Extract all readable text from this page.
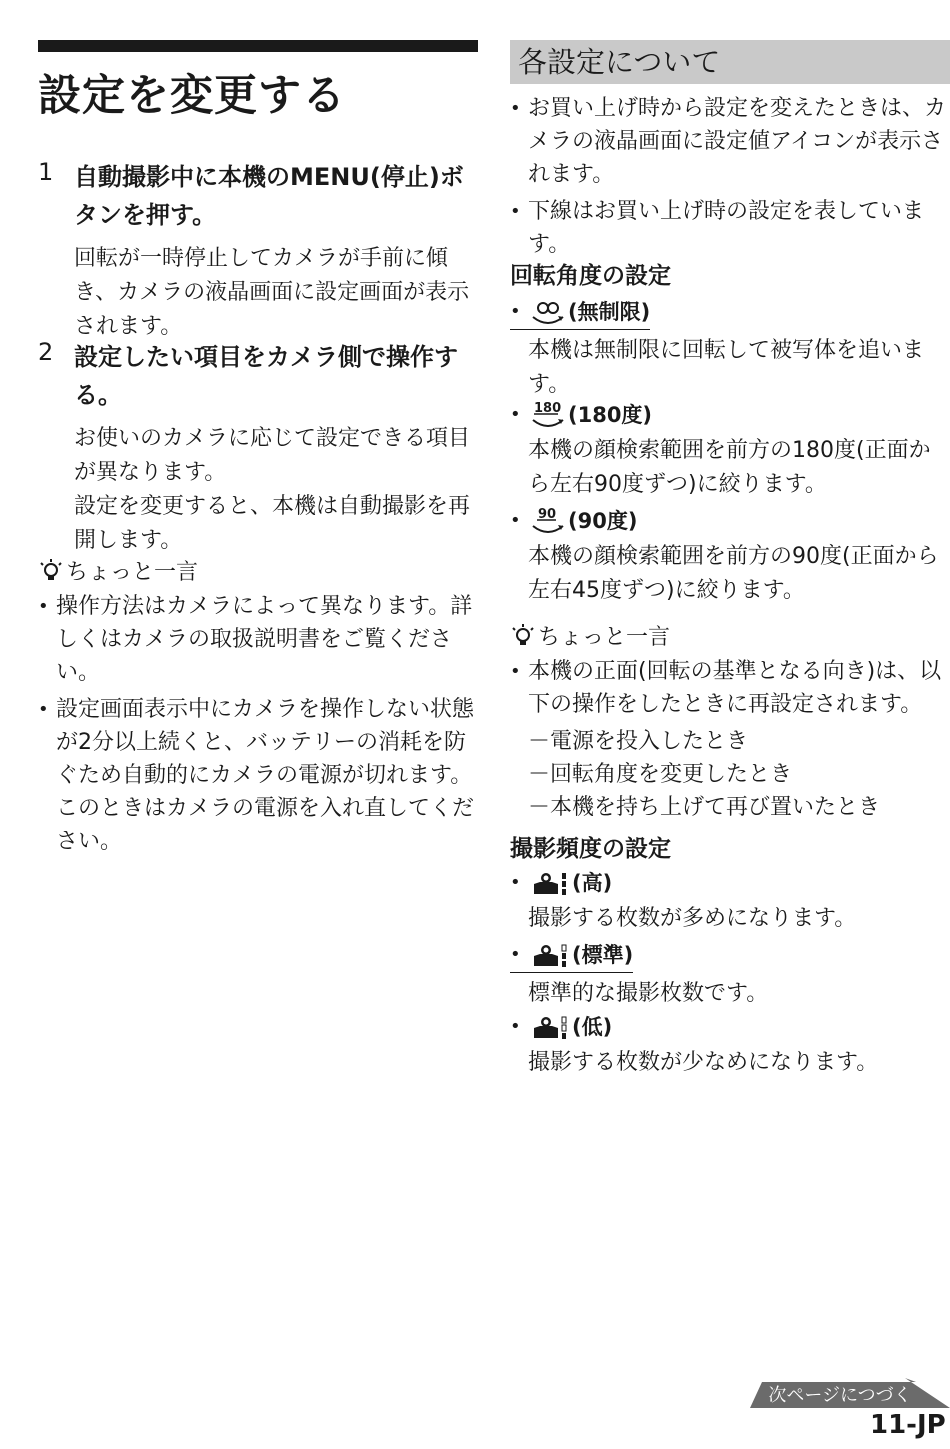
設定を変更する
1 自動撮影中に本機のMENU(停止)ボタンを押す。
回転が一時停止してカメラが手前に傾き、カメラの液晶画面に設定画面が表示されます。
2 設定したい項目をカメラ側で操作する。
お使いのカメラに応じて設定できる項目が異なります。
設定を変更すると、本機は自動撮影を再開します。
ちょっと一言
• 操作方法はカメラによって異なります。詳しくはカメラの取扱説明書をご覧ください。
• 設定画面表示中にカメラを操作しない状態が2分以上続くと、バッテリーの消耗を防ぐため自動的にカメラの電源が切れます。このときはカメラの電源を入れ直してください。
各設定について
• お買い上げ時から設定を変えたときは、カメラの液晶画面に設定値アイコンが表示されます。
• 下線はお買い上げ時の設定を表しています。
回転角度の設定
• (無制限)
本機は無制限に回転して被写体を追います。
• 180 (180度)
本機の顔検索範囲を前方の180度(正面から左右90度ずつ)に絞ります。
• 90 (90度)
本機の顔検索範囲を前方の90度(正面から左右45度ずつ)に絞ります。
ちょっと一言
• 本機の正面(回転の基準となる向き)は、以下の操作をしたときに再設定されます。
－電源を投入したとき
－回転角度を変更したとき
－本機を持ち上げて再び置いたとき
撮影頻度の設定
• (高)
撮影する枚数が多めになります。
• (標準)
標準的な撮影枚数です。
• (低)
撮影する枚数が少なめになります。
次ページにつづく
11-JP
